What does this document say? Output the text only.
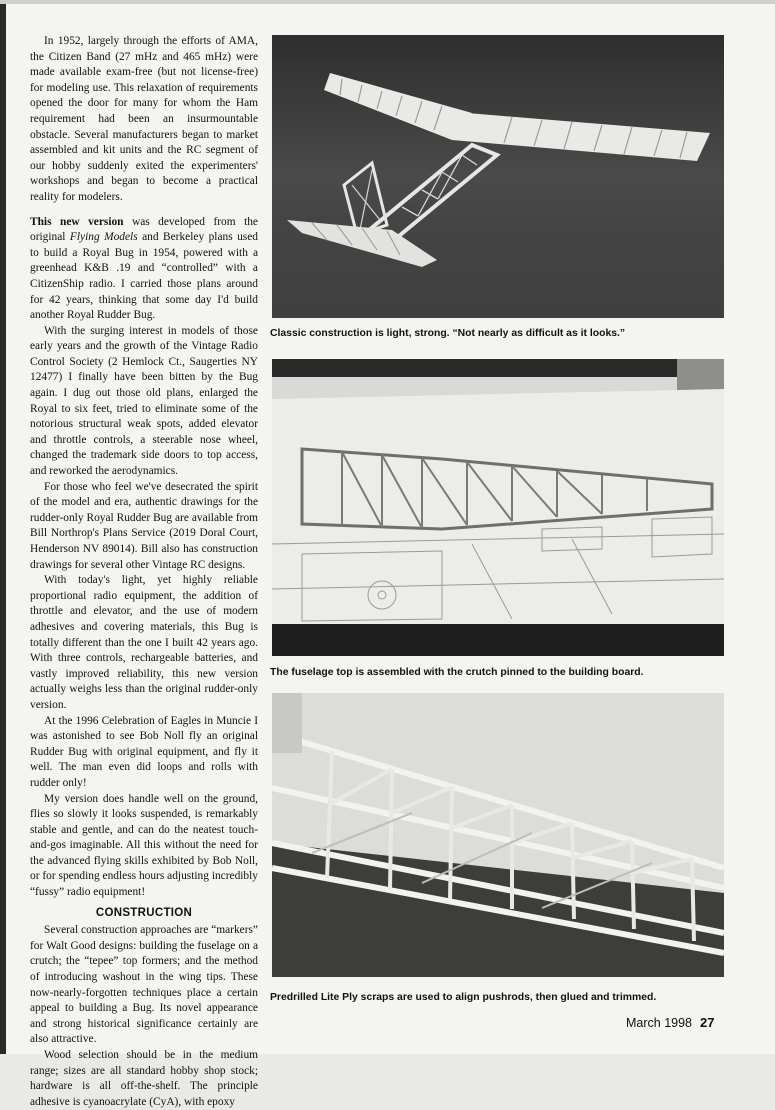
In 1952, largely through the efforts of AMA, the Citizen Band (27 mHz and 465 mHz) were made available exam-free (but not license-free) for modeling use. This relaxation of requirements opened the door for many for whom the Ham requirement had been an insurmountable obstacle. Several manufacturers began to market assembled and kit units and the RC segment of our hobby suddenly exited the experimenters' workshops and began to become a practical reality for modelers.

This new version was developed from the original Flying Models and Berkeley plans used to build a Royal Bug in 1954, powered with a greenhead K&B .19 and “controlled” with a CitizenShip radio. I carried those plans around for 42 years, thinking that some day I'd build another Royal Rudder Bug.

With the surging interest in models of those early years and the growth of the Vintage Radio Control Society (2 Hemlock Ct., Saugerties NY 12477) I finally have been bitten by the Bug again. I dug out those old plans, enlarged the Royal to six feet, tried to eliminate some of the notorious structural weak spots, added elevator and throttle controls, a steerable nose wheel, changed the trademark side doors to top access, and reworked the aerodynamics.

For those who feel we've desecrated the spirit of the model and era, authentic drawings for the rudder-only Royal Rudder Bug are available from Bill Northrop's Plans Service (2019 Doral Court, Henderson NV 89014). Bill also has construction drawings for several other Vintage RC designs.

With today's light, yet highly reliable proportional radio equipment, the addition of throttle and elevator, and the use of modern adhesives and covering materials, this Bug is totally different than the one I built 42 years ago. With three controls, rechargeable batteries, and vastly improved reliability, this new version actually weighs less than the original rudder-only version.

At the 1996 Celebration of Eagles in Muncie I was astonished to see Bob Noll fly an original Rudder Bug with original equipment, and fly it well. The man even did loops and rolls with rudder only!

My version does handle well on the ground, flies so slowly it looks suspended, is remarkably stable and gentle, and can do the neatest touch-and-gos imaginable. All this without the need for the advanced flying skills exhibited by Bob Noll, or for spending endless hours adjusting incredibly “fussy” radio equipment!

CONSTRUCTION

Several construction approaches are “markers” for Walt Good designs: building the fuselage on a crutch; the “tepee” top formers; and the method of introducing washout in the wing tips. These now-nearly-forgotten techniques place a certain appeal to building a Bug. Its novel appearance and strong historical significance certainly are also attractive.

Wood selection should be in the medium range; sizes are all standard hobby shop stock; hardware is all off-the-shelf. The principle adhesive is cyanoacrylate (CyA), with epoxy

Classic construction is light, strong. “Not nearly as difficult as it looks.”
The fuselage top is assembled with the crutch pinned to the building board.
Predrilled Lite Ply scraps are used to align pushrods, then glued and trimmed.
March 1998 27
